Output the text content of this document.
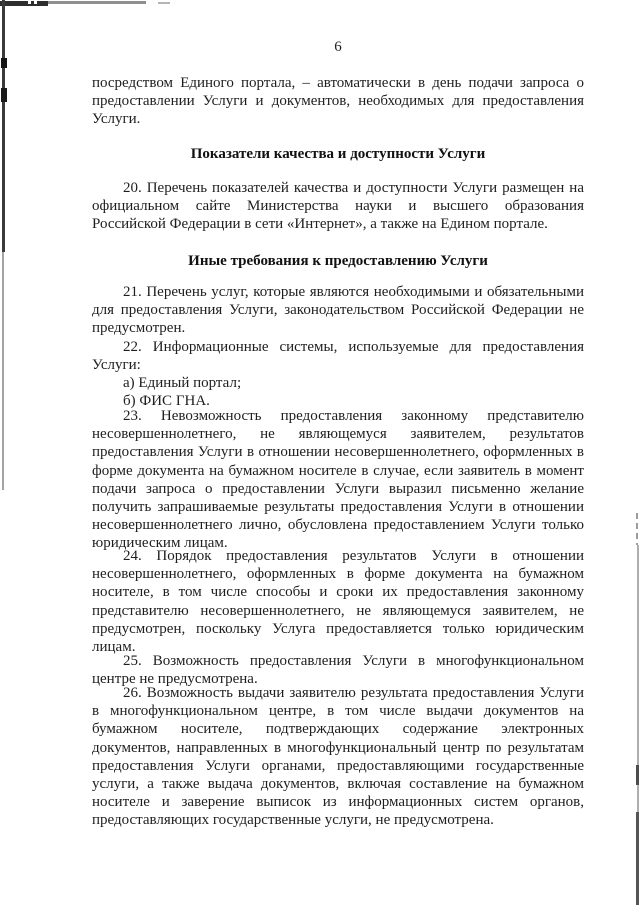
6

посредством Единого портала, – автоматически в день подачи запроса о предоставлении Услуги и документов, необходимых для предоставления Услуги.

Показатели качества и доступности Услуги

20. Перечень показателей качества и доступности Услуги размещен на официальном сайте Министерства науки и высшего образования Российской Федерации в сети «Интернет», а также на Едином портале.

Иные требования к предоставлению Услуги

21. Перечень услуг, которые являются необходимыми и обязательными для предоставления Услуги, законодательством Российской Федерации не предусмотрен.

22. Информационные системы, используемые для предоставления Услуги:

а) Единый портал;

б) ФИС ГНА.

23. Невозможность предоставления законному представителю несовершеннолетнего, не являющемуся заявителем, результатов предоставления Услуги в отношении несовершеннолетнего, оформленных в форме документа на бумажном носителе в случае, если заявитель в момент подачи запроса о предоставлении Услуги выразил письменно желание получить запрашиваемые результаты предоставления Услуги в отношении несовершеннолетнего лично, обусловлена предоставлением Услуги только юридическим лицам.

24. Порядок предоставления результатов Услуги в отношении несовершеннолетнего, оформленных в форме документа на бумажном носителе, в том числе способы и сроки их предоставления законному представителю несовершеннолетнего, не являющемуся заявителем, не предусмотрен, поскольку Услуга предоставляется только юридическим лицам.

25. Возможность предоставления Услуги в многофункциональном центре не предусмотрена.

26. Возможность выдачи заявителю результата предоставления Услуги в многофункциональном центре, в том числе выдачи документов на бумажном носителе, подтверждающих содержание электронных документов, направленных в многофункциональный центр по результатам предоставления Услуги органами, предоставляющими государственные услуги, а также выдача документов, включая составление на бумажном носителе и заверение выписок из информационных систем органов, предоставляющих государственные услуги, не предусмотрена.
